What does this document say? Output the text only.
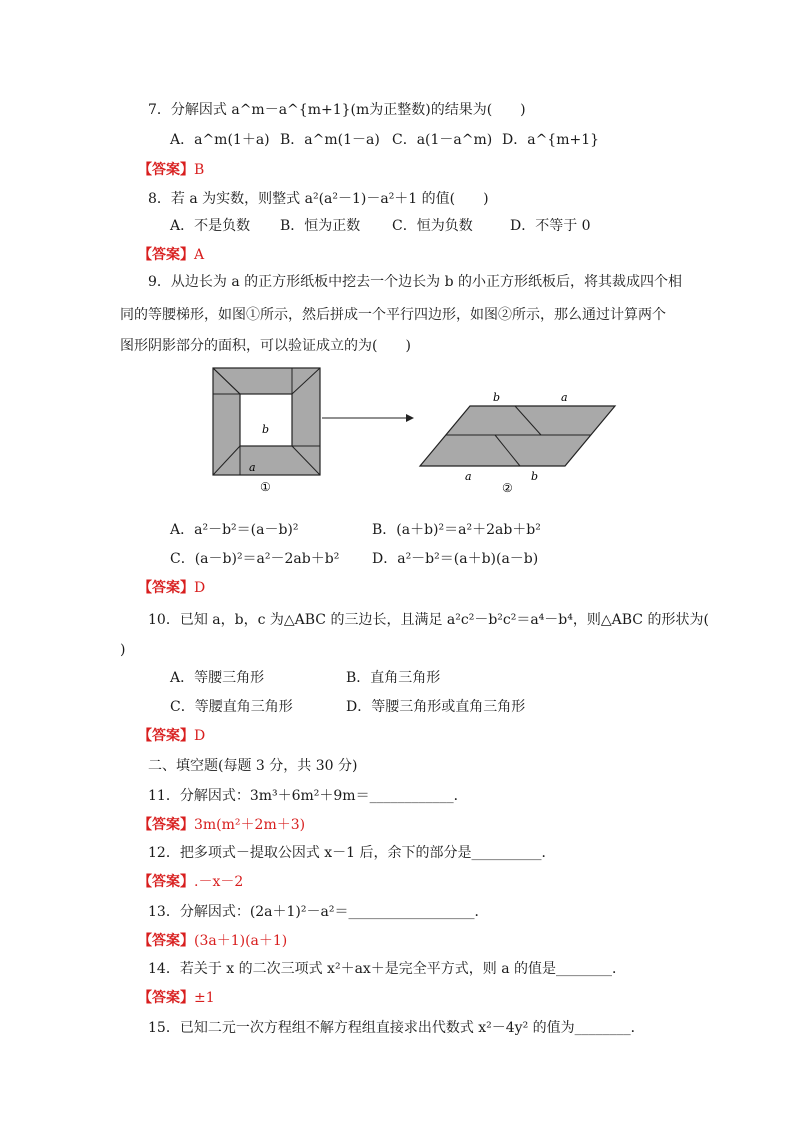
7．分解因式 a^m－a^{m+1}(m为正整数)的结果为(　　)
A．a^m(1＋a) B．a^m(1－a) C．a(1－a^m) D．a^{m+1}
【答案】B
8．若 a 为实数，则整式 a²(a²－1)－a²＋1 的值(　　)
A．不是负数 B．恒为正数 C．恒为负数	D．不等于 0
【答案】A
9．从边长为 a 的正方形纸板中挖去一个边长为 b 的小正方形纸板后，将其裁成四个相
同的等腰梯形，如图①所示，然后拼成一个平行四边形，如图②所示，那么通过计算两个
图形阴影部分的面积，可以验证成立的为(　　)
b
a
①
b	a
a	b
②
A．a²－b²＝(a－b)²	B．(a＋b)²＝a²＋2ab＋b²
C．(a－b)²＝a²－2ab＋b² D．a²－b²＝(a＋b)(a－b)
【答案】D
10．已知 a，b，c 为△ABC 的三边长，且满足 a²c²－b²c²＝a⁴－b⁴，则△ABC 的形状为(
)
A．等腰三角形	B．直角三角形
C．等腰直角三角形	D．等腰三角形或直角三角形
【答案】D
二、填空题(每题 3 分，共 30 分)
11．分解因式：3m³＋6m²＋9m＝____________．
【答案】3m(m²＋2m＋3)
12．把多项式－提取公因式 x－1 后，余下的部分是__________．
【答案】.－x－2
13．分解因式：(2a＋1)²－a²＝__________________．
【答案】(3a＋1)(a＋1)
14．若关于 x 的二次三项式 x²＋ax＋是完全平方式，则 a 的值是________．
【答案】±1
15．已知二元一次方程组不解方程组直接求出代数式 x²－4y² 的值为________．
